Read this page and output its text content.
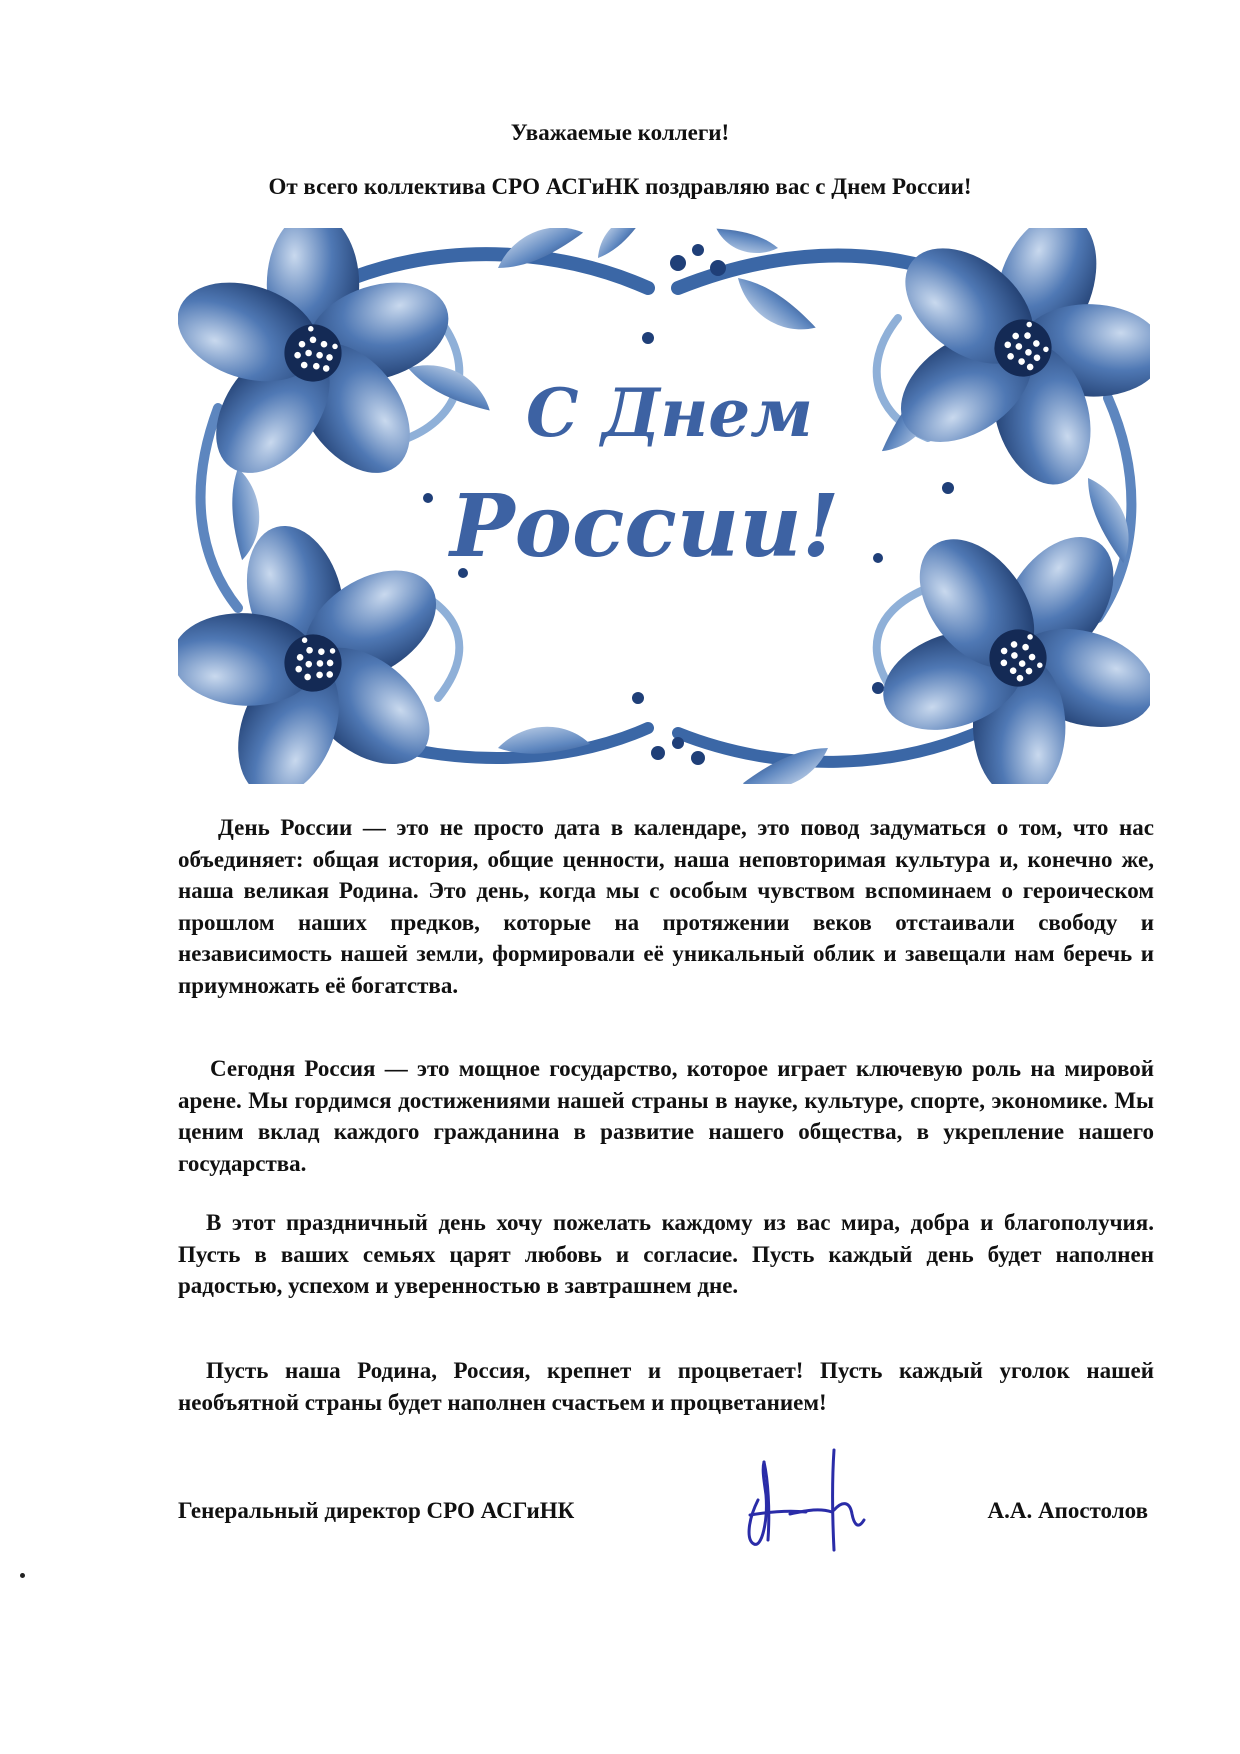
Уважаемые коллеги!
От всего коллектива СРО АСГиНК поздравляю вас с Днем России!
С Днем
России!

День России — это не просто дата в календаре, это повод задуматься о том, что нас объединяет: общая история, общие ценности, наша неповторимая культура и, конечно же, наша великая Родина. Это день, когда мы с особым чувством вспоминаем о героическом прошлом наших предков, которые на протяжении веков отстаивали свободу и независимость нашей земли, формировали её уникальный облик и завещали нам беречь и приумножать её богатства.

Сегодня Россия — это мощное государство, которое играет ключевую роль на мировой арене. Мы гордимся достижениями нашей страны в науке, культуре, спорте, экономике. Мы ценим вклад каждого гражданина в развитие нашего общества, в укрепление нашего государства.

В этот праздничный день хочу пожелать каждому из вас мира, добра и благополучия. Пусть в ваших семьях царят любовь и согласие. Пусть каждый день будет наполнен радостью, успехом и уверенностью в завтрашнем дне.

Пусть наша Родина, Россия, крепнет и процветает! Пусть каждый уголок нашей необъятной страны будет наполнен счастьем и процветанием!

Генеральный директор СРО АСГиНК	А.А. Апостолов
